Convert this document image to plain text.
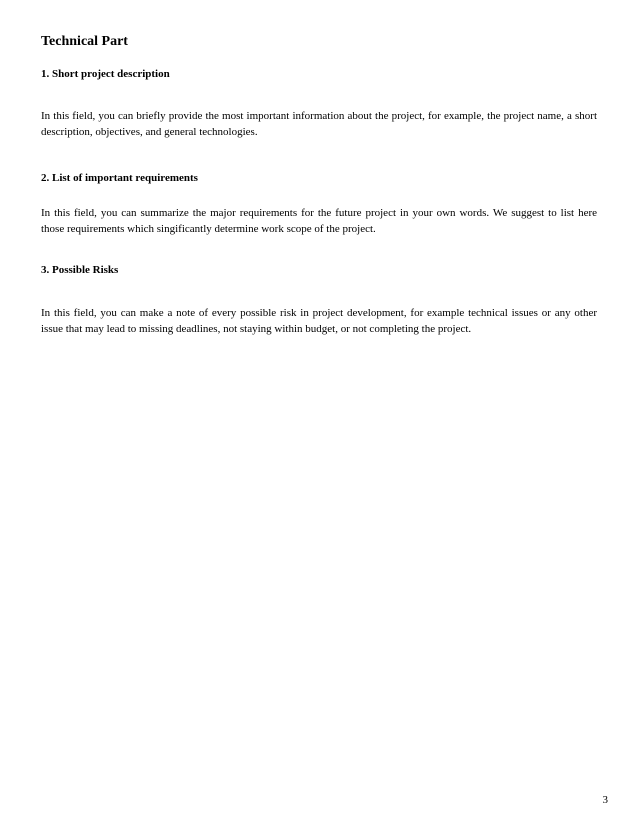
Technical Part
1. Short project description

In this field, you can briefly provide the most important information about the project, for example, the project name, a short description, objectives, and general technologies.

2. List of important requirements

In this field, you can summarize the major requirements for the future project in your own words. We suggest to list here those requirements which singificantly determine work scope of the project.

3. Possible Risks

In this field, you can make a note of every possible risk in project development, for example technical issues or any other issue that may lead to missing deadlines, not staying within budget, or not completing the project.

3
